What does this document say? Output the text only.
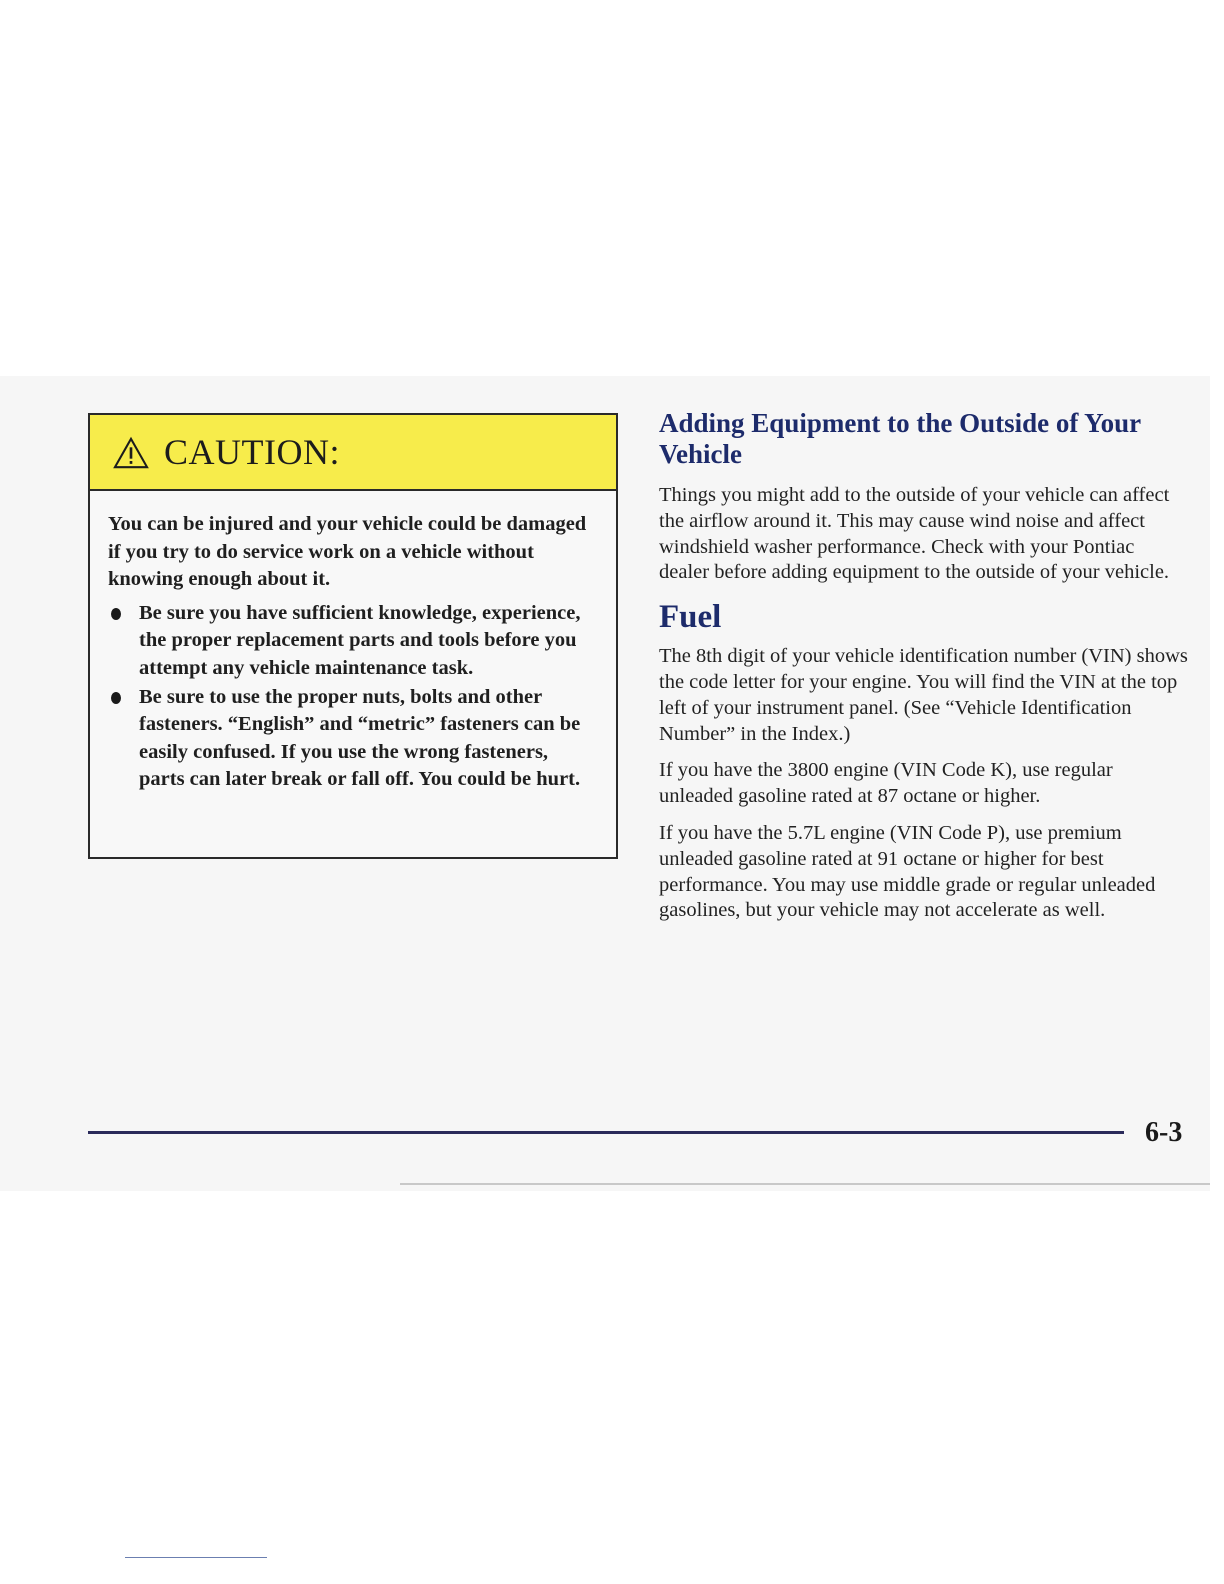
CAUTION:

You can be injured and your vehicle could be damaged if you try to do service work on a vehicle without knowing enough about it.

Be sure you have sufficient knowledge, experience, the proper replacement parts and tools before you attempt any vehicle maintenance task.
Be sure to use the proper nuts, bolts and other fasteners. “English” and “metric” fasteners can be easily confused. If you use the wrong fasteners, parts can later break or fall off. You could be hurt.
Adding Equipment to the Outside of Your Vehicle

Things you might add to the outside of your vehicle can affect the airflow around it. This may cause wind noise and affect windshield washer performance. Check with your Pontiac dealer before adding equipment to the outside of your vehicle.

Fuel

The 8th digit of your vehicle identification number (VIN) shows the code letter for your engine. You will find the VIN at the top left of your instrument panel. (See “Vehicle Identification Number” in the Index.)

If you have the 3800 engine (VIN Code K), use regular unleaded gasoline rated at 87 octane or higher.

If you have the 5.7L engine (VIN Code P), use premium unleaded gasoline rated at 91 octane or higher for best performance. You may use middle grade or regular unleaded gasolines, but your vehicle may not accelerate as well.

6-3
